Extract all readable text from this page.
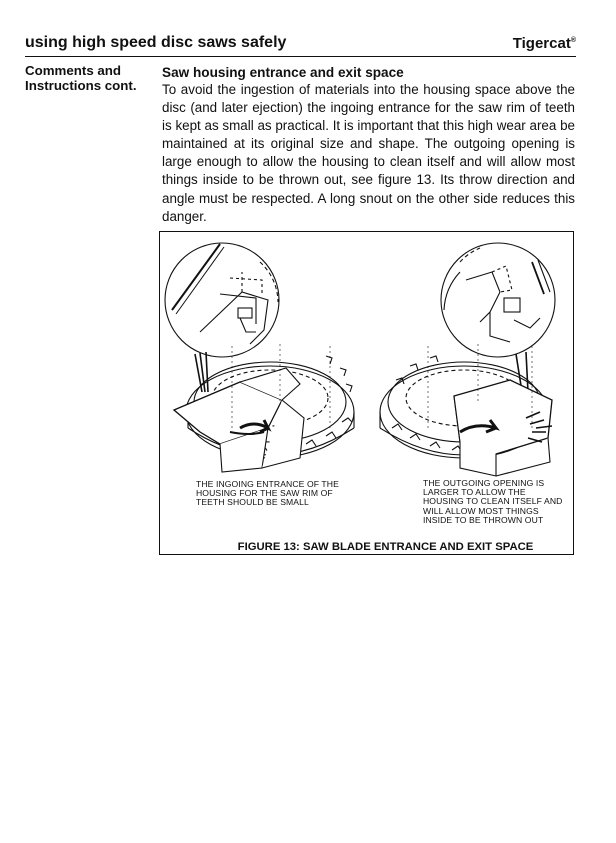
using high speed disc saws safely	Tigercat®
Comments and
Instructions cont.
Saw housing entrance and exit space
To avoid the ingestion of materials into the housing space above the disc (and later ejection) the ingoing entrance for the saw rim of teeth is kept as small as practical. It is important that this high wear area be maintained at its original size and shape. The outgoing opening is large enough to allow the housing to clean itself and will allow most things inside to be thrown out, see figure 13. Its throw direction and angle must be respected. A long snout on the other side reduces this danger.
THE INGOING ENTRANCE OF THE HOUSING FOR THE SAW RIM OF TEETH SHOULD BE SMALL
THE OUTGOING OPENING IS LARGER TO ALLOW THE HOUSING TO CLEAN ITSELF AND WILL ALLOW MOST THINGS INSIDE TO BE THROWN OUT
FIGURE 13: SAW BLADE ENTRANCE AND EXIT SPACE
